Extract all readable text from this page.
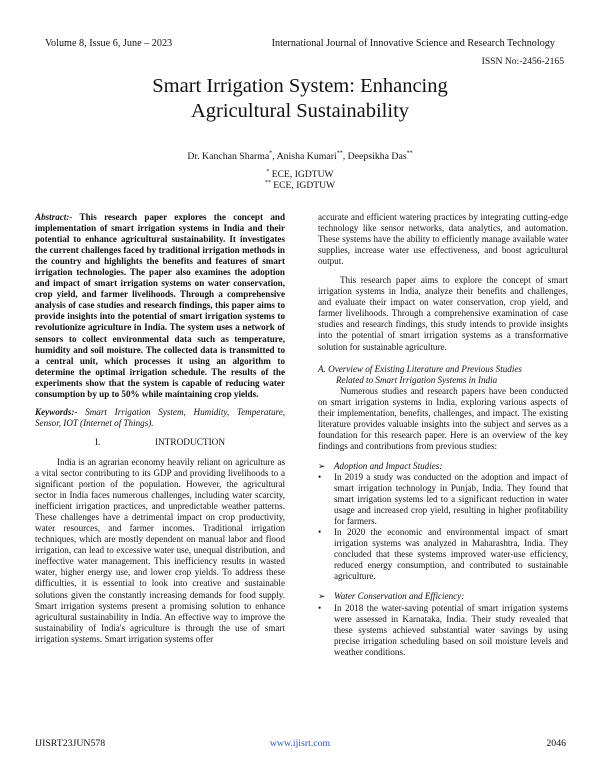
Volume 8, Issue 6, June – 2023	International Journal of Innovative Science and Research Technology
ISSN No:-2456-2165
Smart Irrigation System: Enhancing
Agricultural Sustainability
Dr. Kanchan Sharma*, Anisha Kumari**, Deepsikha Das**
* ECE, IGDTUW
** ECE, IGDTUW

Abstract:- This research paper explores the concept and implementation of smart irrigation systems in India and their potential to enhance agricultural sustainability. It investigates the current challenges faced by traditional irrigation methods in the country and highlights the benefits and features of smart irrigation technologies. The paper also examines the adoption and impact of smart irrigation systems on water conservation, crop yield, and farmer livelihoods. Through a comprehensive analysis of case studies and research findings, this paper aims to provide insights into the potential of smart irrigation systems to revolutionize agriculture in India. The system uses a network of sensors to collect environmental data such as temperature, humidity and soil moisture. The collected data is transmitted to a central unit, which processes it using an algorithm to determine the optimal irrigation schedule. The results of the experiments show that the system is capable of reducing water consumption by up to 50% while maintaining crop yields.

Keywords:- Smart Irrigation System, Humidity, Temperature, Sensor, IOT (Internet of Things).

I.	INTRODUCTION

India is an agrarian economy heavily reliant on agriculture as a vital sector contributing to its GDP and providing livelihoods to a significant portion of the population. However, the agricultural sector in India faces numerous challenges, including water scarcity, inefficient irrigation practices, and unpredictable weather patterns. These challenges have a detrimental impact on crop productivity, water resources, and farmer incomes. Traditional irrigation techniques, which are mostly dependent on manual labor and flood irrigation, can lead to excessive water use, unequal distribution, and ineffective water management. This inefficiency results in wasted water, higher energy use, and lower crop yields. To address these difficulties, it is essential to look into creative and sustainable solutions given the constantly increasing demands for food supply. Smart irrigation systems present a promising solution to enhance agricultural sustainability in India. An effective way to improve the sustainability of India's agriculture is through the use of smart irrigation systems. Smart irrigation systems offer

accurate and efficient watering practices by integrating cutting-edge technology like sensor networks, data analytics, and automation. These systems have the ability to efficiently manage available water supplies, increase water use effectiveness, and boost agricultural output.

This research paper aims to explore the concept of smart irrigation systems in India, analyze their benefits and challenges, and evaluate their impact on water conservation, crop yield, and farmer livelihoods. Through a comprehensive examination of case studies and research findings, this study intends to provide insights into the potential of smart irrigation systems as a transformative solution for sustainable agriculture.

A. Overview of Existing Literature and Previous Studies
Related to Smart Irrigation Systems in India

Numerous studies and research papers have been conducted on smart irrigation systems in India, exploring various aspects of their implementation, benefits, challenges, and impact. The existing literature provides valuable insights into the subject and serves as a foundation for this research paper. Here is an overview of the key findings and contributions from previous studies:

➢ Adoption and Impact Studies:
•	In 2019 a study was conducted on the adoption and impact of smart irrigation technology in Punjab, India. They found that smart irrigation systems led to a significant reduction in water usage and increased crop yield, resulting in higher profitability for farmers.
•	In 2020 the economic and environmental impact of smart irrigation systems was analyzed in Maharashtra, India. They concluded that these systems improved water-use efficiency, reduced energy consumption, and contributed to sustainable agriculture.
➢ Water Conservation and Efficiency:
•	In 2018 the water-saving potential of smart irrigation systems were assessed in Karnataka, India. Their study revealed that these systems achieved substantial water savings by using precise irrigation scheduling based on soil moisture levels and weather conditions.
IJISRT23JUN578	www.ijisrt.com	2046
